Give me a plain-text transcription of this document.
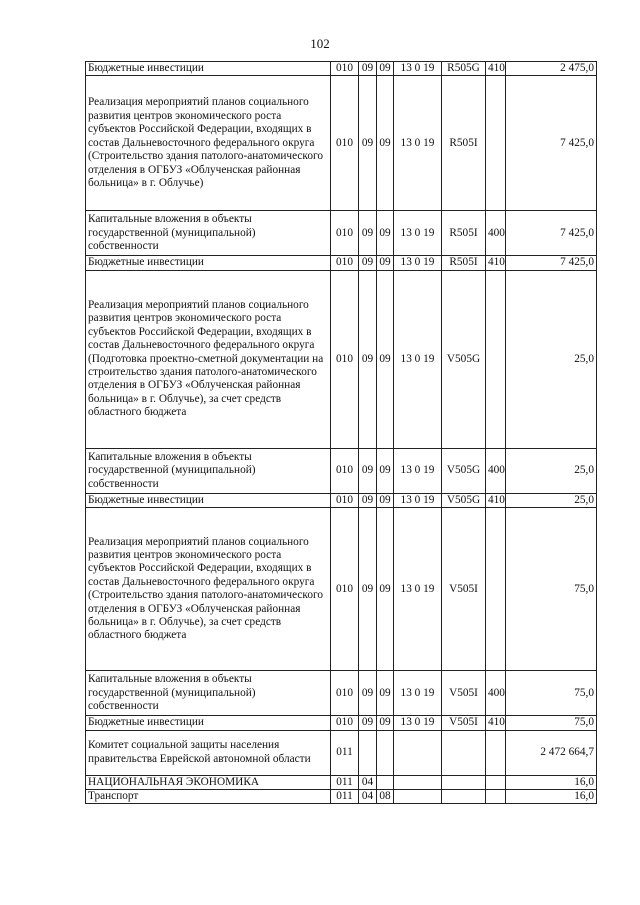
102
Бюджетные инвестиции	010	09	09	13 0 19	R505G	410	2 475,0
Реализация мероприятий планов социального развития центров экономического роста субъектов Российской Федерации, входящих в состав Дальневосточного федерального округа (Строительство здания патолого-анатомического отделения в ОГБУЗ «Облученская районная больница» в г. Облучье)	010	09	09	13 0 19	R505I		7 425,0
Капитальные вложения в объекты государственной (муниципальной) собственности	010	09	09	13 0 19	R505I	400	7 425,0
Бюджетные инвестиции	010	09	09	13 0 19	R505I	410	7 425,0
Реализация мероприятий планов социального развития центров экономического роста субъектов Российской Федерации, входящих в состав Дальневосточного федерального округа (Подготовка проектно-сметной документации на строительство здания патолого-анатомического отделения в ОГБУЗ «Облученская районная больница» в г. Облучье), за счет средств областного бюджета	010	09	09	13 0 19	V505G		25,0
Капитальные вложения в объекты государственной (муниципальной) собственности	010	09	09	13 0 19	V505G	400	25,0
Бюджетные инвестиции	010	09	09	13 0 19	V505G	410	25,0
Реализация мероприятий планов социального развития центров экономического роста субъектов Российской Федерации, входящих в состав Дальневосточного федерального округа (Строительство здания патолого-анатомического отделения в ОГБУЗ «Облученская районная больница» в г. Облучье), за счет средств областного бюджета	010	09	09	13 0 19	V505I		75,0
Капитальные вложения в объекты государственной (муниципальной) собственности	010	09	09	13 0 19	V505I	400	75,0
Бюджетные инвестиции	010	09	09	13 0 19	V505I	410	75,0
Комитет социальной защиты населения правительства Еврейской автономной области	011						2 472 664,7
НАЦИОНАЛЬНАЯ ЭКОНОМИКА	011	04					16,0
Транспорт	011	04	08				16,0
